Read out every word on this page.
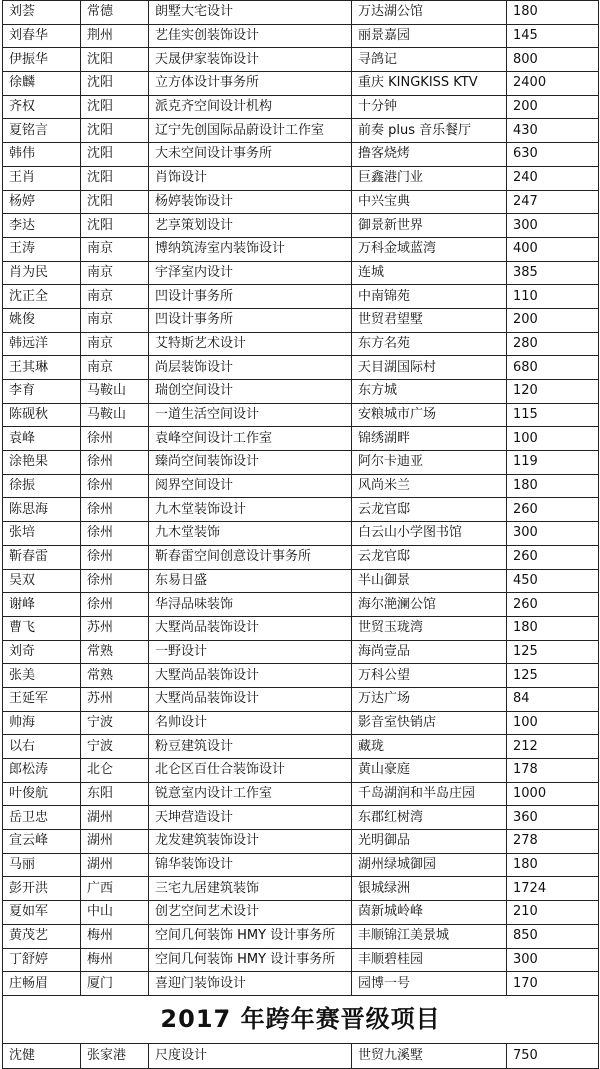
刘荟	常德	朗墅大宅设计	万达湖公馆	180
刘春华	荆州	艺佳实创装饰设计	丽景嘉园	145
伊振华	沈阳	天晟伊家装饰设计	寻鸽记	800
徐麟	沈阳	立方体设计事务所	重庆 KINGKISS KTV	2400
齐权	沈阳	派克齐空间设计机构	十分钟	200
夏铭言	沈阳	辽宁先创国际品蔚设计工作室	前奏 plus 音乐餐厅	430
韩伟	沈阳	大未空间设计事务所	撸客烧烤	630
王肖	沈阳	肖饰设计	巨鑫港门业	240
杨婷	沈阳	杨婷装饰设计	中兴宝典	247
李达	沈阳	艺享策划设计	御景新世界	300
王涛	南京	博纳筑涛室内装饰设计	万科金域蓝湾	400
肖为民	南京	宇泽室内设计	连城	385
沈正全	南京	凹设计事务所	中南锦苑	110
姚俊	南京	凹设计事务所	世贸君望墅	200
韩远洋	南京	艾特斯艺术设计	东方名苑	280
王其琳	南京	尚层装饰设计	天目湖国际村	680
李育	马鞍山	瑞创空间设计	东方城	120
陈砚秋	马鞍山	一道生活空间设计	安粮城市广场	115
袁峰	徐州	袁峰空间设计工作室	锦绣湖畔	100
涂艳果	徐州	臻尚空间装饰设计	阿尔卡迪亚	119
徐振	徐州	阅界空间设计	风尚米兰	180
陈思海	徐州	九木堂装饰设计	云龙官邸	260
张培	徐州	九木堂装饰	白云山小学图书馆	300
靳春雷	徐州	靳春雷空间创意设计事务所	云龙官邸	260
吴双	徐州	东易日盛	半山御景	450
谢峰	徐州	华浔品味装饰	海尔滟澜公馆	260
曹飞	苏州	大墅尚品装饰设计	世贸玉珑湾	180
刘奇	常熟	一野设计	海尚壹品	125
张美	常熟	大墅尚品装饰设计	万科公望	125
王延军	苏州	大墅尚品装饰设计	万达广场	84
帅海	宁波	名帅设计	影音室快销店	100
以右	宁波	粉豆建筑设计	藏珑	212
郎松涛	北仑	北仑区百仕合装饰设计	黄山豪庭	178
叶俊航	东阳	锐意室内设计工作室	千岛湖润和半岛庄园	1000
岳卫忠	湖州	天坤营造设计	东郡红树湾	360
宣云峰	湖州	龙发建筑装饰设计	光明御品	278
马丽	湖州	锦华装饰设计	湖州绿城御园	180
彭开洪	广西	三宅九居建筑装饰	银城绿洲	1724
夏如军	中山	创艺空间艺术设计	茵新城岭峰	210
黄茂艺	梅州	空间几何装饰 HMY 设计事务所	丰顺锦江美景城	850
丁舒婷	梅州	空间几何装饰 HMY 设计事务所	丰顺碧桂园	300
庄畅眉	厦门	喜迎门装饰设计	园博一号	170
2017 年跨年赛晋级项目				
沈健	张家港	尺度设计	世贸九溪墅	750
